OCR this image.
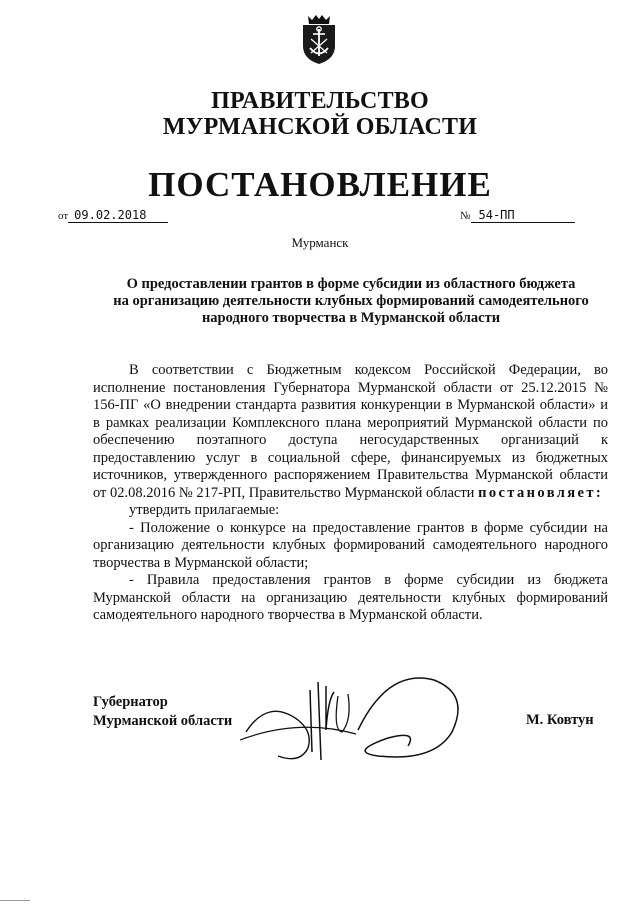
ПРАВИТЕЛЬСТВО
МУРМАНСКОЙ ОБЛАСТИ
ПОСТАНОВЛЕНИЕ
от 09.02.2018	№ 54-ПП
Мурманск
О предоставлении грантов в форме субсидии из областного бюджета
на организацию деятельности клубных формирований самодеятельного
народного творчества в Мурманской области

В соответствии с Бюджетным кодексом Российской Федерации, во исполнение постановления Губернатора Мурманской области от 25.12.2015 № 156-ПГ «О внедрении стандарта развития конкуренции в Мурманской области» и в рамках реализации Комплексного плана мероприятий Мурманской области по обеспечению поэтапного доступа негосударственных организаций к предоставлению услуг в социальной сфере, финансируемых из бюджетных источников, утвержденного распоряжением Правительства Мурманской области от 02.08.2016 № 217-РП, Правительство Мурманской области постановляет:

утвердить прилагаемые:

- Положение о конкурсе на предоставление грантов в форме субсидии на организацию деятельности клубных формирований самодеятельного народного творчества в Мурманской области;

- Правила предоставления грантов в форме субсидии из бюджета Мурманской области на организацию деятельности клубных формирований самодеятельного народного творчества в Мурманской области.

Губернатор
Мурманской области	М. Ковтун
